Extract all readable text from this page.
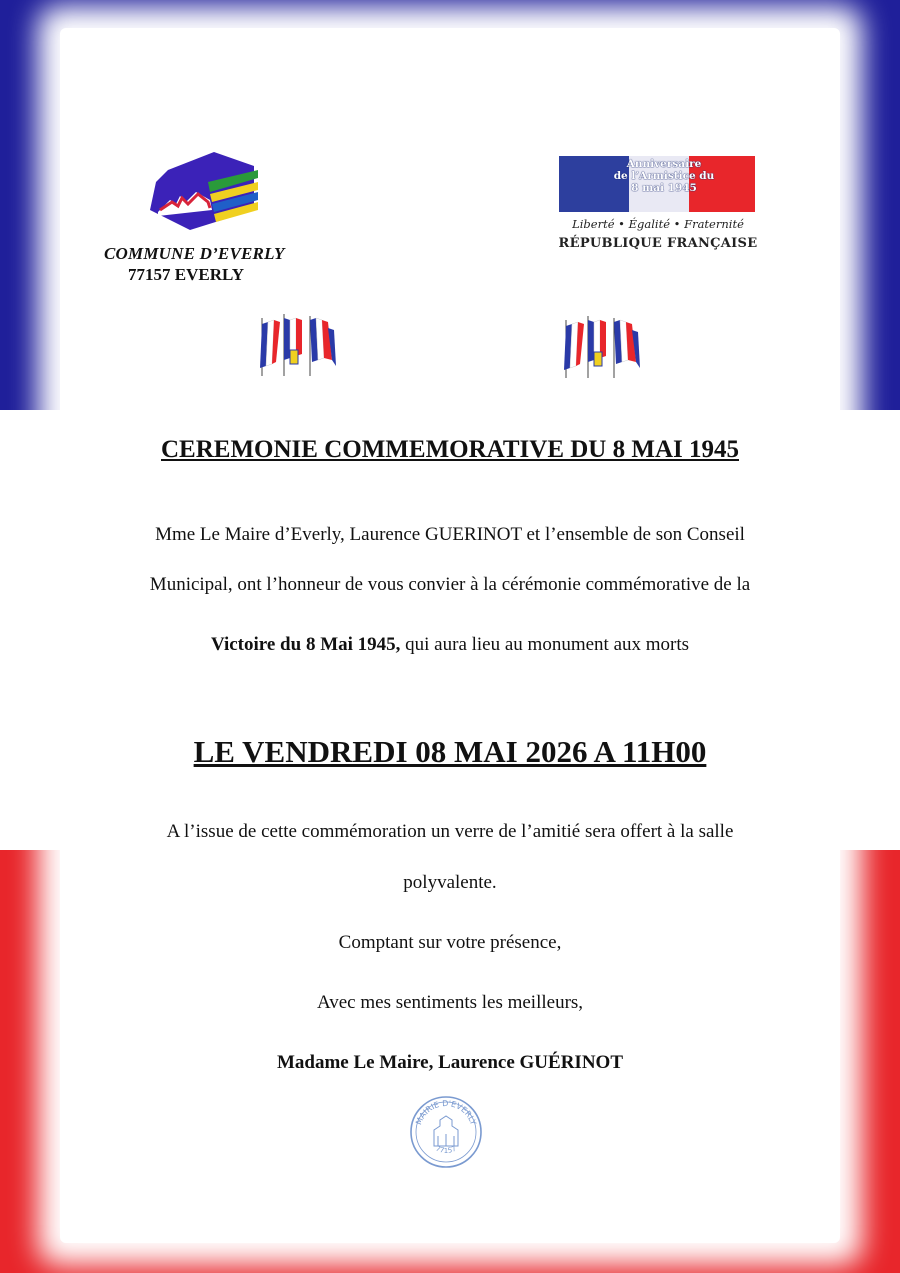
COMMUNE D’EVERLY
77157 EVERLY
Anniversaire
de l’Armistice du
8 mai 1945
Liberté • Égalité • Fraternité
RÉPUBLIQUE FRANÇAISE
CEREMONIE COMMEMORATIVE DU 8 MAI 1945
Mme Le Maire d’Everly, Laurence GUERINOT et l’ensemble de son Conseil
Municipal, ont l’honneur de vous convier à la cérémonie commémorative de la
Victoire du 8 Mai 1945, qui aura lieu au monument aux morts
LE VENDREDI 08 MAI 2026 A 11H00
A l’issue de cette commémoration un verre de l’amitié sera offert à la salle
polyvalente.
Comptant sur votre présence,
Avec mes sentiments les meilleurs,
Madame Le Maire, Laurence GUÉRINOT
MAIRIE D'EVERLY
77157
